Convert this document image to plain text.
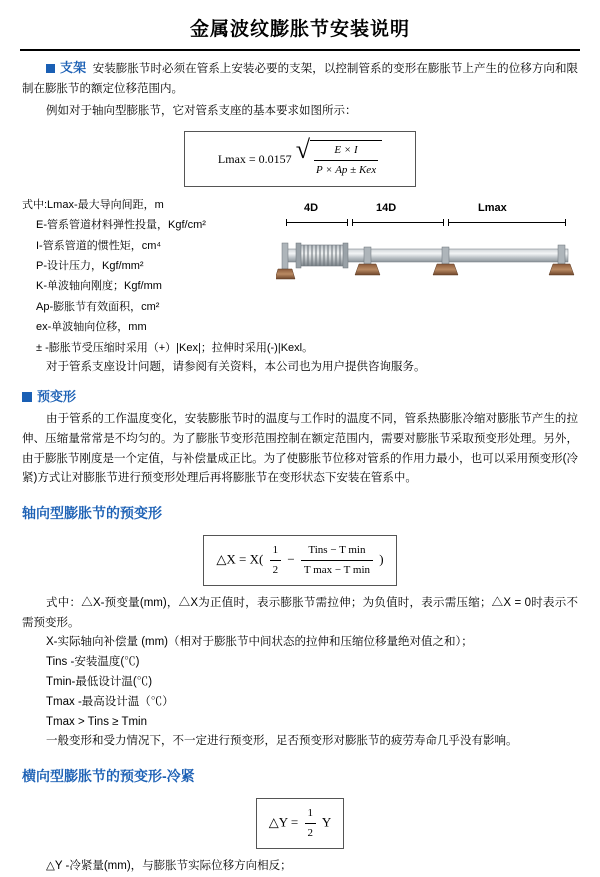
金属波纹膨胀节安装说明

支架 安装膨胀节时必须在管系上安装必要的支架，以控制管系的变形在膨胀节上产生的位移方向和限制在膨胀节的额定位移范围内。

例如对于轴向型膨胀节，它对管系支座的基本要求如图所示：

Lmax = 0.0157 √ $\frac{E \times I}{\text{P × Ap ± Kex}}$
式中:Lmax-最大导向间距，m
E-管系管道材料弹性投量，Kgf/cm²
I-管系管道的惯性矩，cm⁴
P-设计压力，Kgf/mm²
K-单波轴向刚度；Kgf/mm
Ap-膨胀节有效面积，cm²
ex-单波轴向位移，mm
± -膨胀节受压缩时采用（+）|Kex|；拉伸时采用(-)|Kexl。
4D	14D	Lmax

对于管系支座设计问题，请参阅有关资料，本公司也为用户提供咨询服务。

预变形

由于管系的工作温度变化，安装膨胀节时的温度与工作时的温度不同，管系热膨胀冷缩对膨胀节产生的拉伸、压缩量常常是不均匀的。为了膨胀节变形范围控制在额定范围内，需要对膨胀节采取预变形处理。另外，由于膨胀节刚度是一个定值，与补偿量成正比。为了使膨胀节位移对管系的作用力最小，也可以采用预变形(冷紧)方式让对膨胀节进行预变形处理后再将膨胀节在变形状态下安装在管系中。

轴向型膨胀节的预变形
△X = $X( \frac{1}{2}$ −
Tins − T min
T max − T min
)

式中：△X-预变量(mm)，△X为正值时，表示膨胀节需拉伸；为负值时，表示需压缩；△X = 0时表示不需预变形。

X-实际轴向补偿量 (mm)（相对于膨胀节中间状态的拉伸和压缩位移量绝对值之和）；

Tins -安装温度(℃)

Tmin-最低设计温(℃)

Tmax -最高设计温（℃）

Tmax > Tins ≥ Tmin

一般变形和受力情况下，不一定进行预变形，足否预变形对膨胀节的疲劳寿命几乎没有影响。

横向型膨胀节的预变形-冷紧
△Y = $\frac{1}{2}$ Y

△Y -冷紧量(mm)，与膨胀节实际位移方向相反；
